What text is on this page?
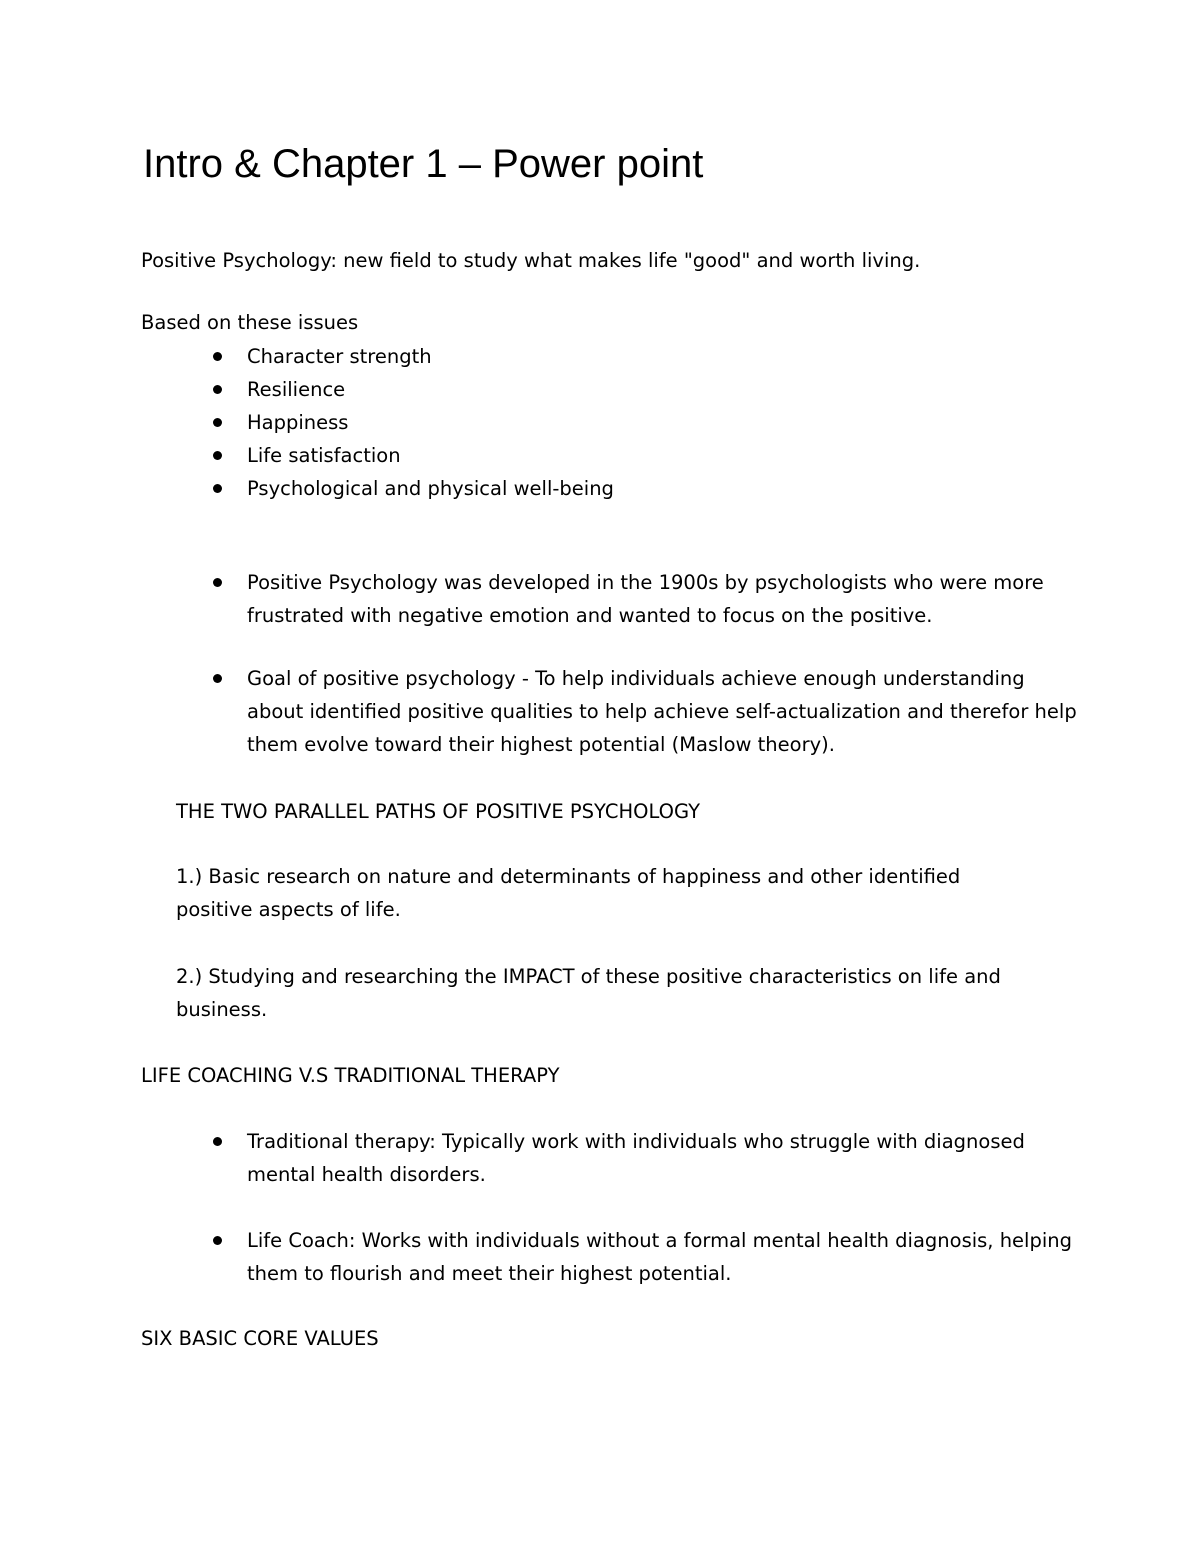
Intro & Chapter 1 – Power point

Positive Psychology: new field to study what makes life "good" and worth living.

Based on these issues

Character strength
Resilience
Happiness
Life satisfaction
Psychological and physical well-being
Positive Psychology was developed in the 1900s by psychologists who were more frustrated with negative emotion and wanted to focus on the positive.
Goal of positive psychology - To help individuals achieve enough understanding about identified positive qualities to help achieve self-actualization and therefor help them evolve toward their highest potential (Maslow theory).

THE TWO PARALLEL PATHS OF POSITIVE PSYCHOLOGY

1.) Basic research on nature and determinants of happiness and other identified positive aspects of life.

2.) Studying and researching the IMPACT of these positive characteristics on life and business.

LIFE COACHING V.S TRADITIONAL THERAPY

Traditional therapy: Typically work with individuals who struggle with diagnosed mental health disorders.
Life Coach: Works with individuals without a formal mental health diagnosis, helping them to flourish and meet their highest potential.

SIX BASIC CORE VALUES
